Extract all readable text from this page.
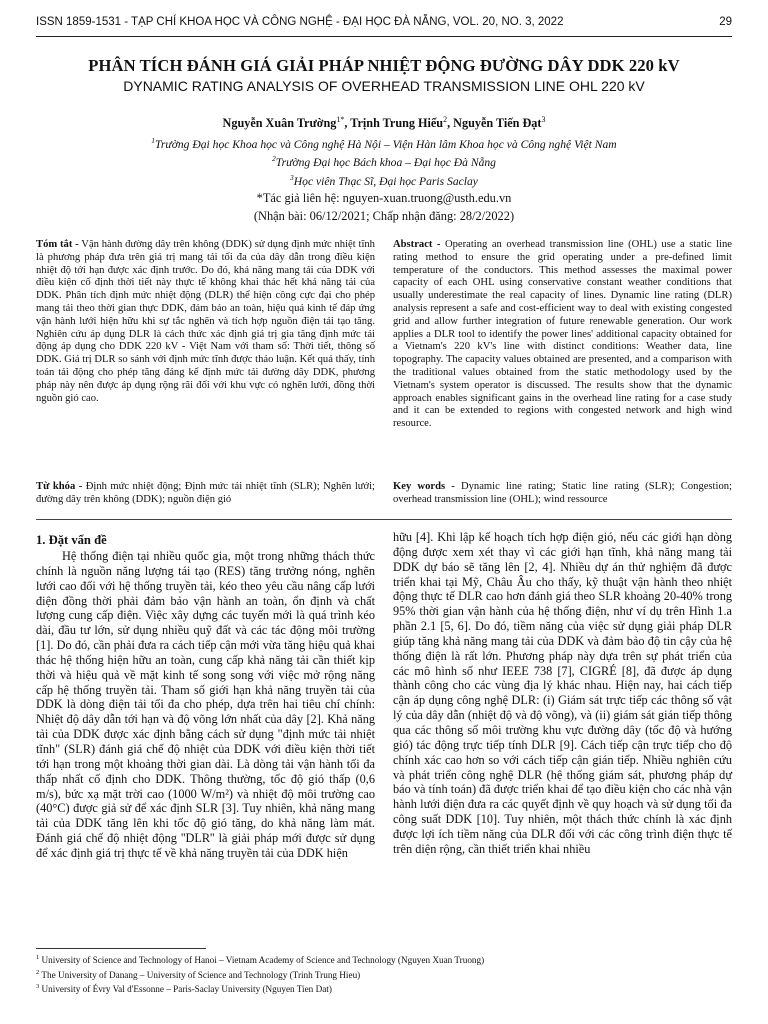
ISSN 1859-1531 - TẠP CHÍ KHOA HỌC VÀ CÔNG NGHỆ - ĐẠI HỌC ĐÀ NẴNG, VOL. 20, NO. 3, 2022	29
PHÂN TÍCH ĐÁNH GIÁ GIẢI PHÁP NHIỆT ĐỘNG ĐƯỜNG DÂY DDK 220 kV
DYNAMIC RATING ANALYSIS OF OVERHEAD TRANSMISSION LINE OHL 220 kV
Nguyễn Xuân Trường$^{1*}$, Trịnh Trung Hiếu$^2$, Nguyễn Tiến Đạt$^3$
$^1$Trường Đại học Khoa học và Công nghệ Hà Nội – Viện Hàn lâm Khoa học và Công nghệ Việt Nam
$^2$Trường Đại học Bách khoa – Đại học Đà Nẵng
$^3$Học viên Thạc Sĩ, Đại học Paris Saclay
*Tác giả liên hệ: nguyen-xuan.truong@usth.edu.vn
(Nhận bài: 06/12/2021; Chấp nhận đăng: 28/2/2022)
Tóm tắt - Vận hành đường dây trên không (DDK) sử dụng định mức nhiệt tĩnh là phương pháp đưa trên giá trị mang tải tối đa của dây dẫn trong điều kiện nhiệt độ tới hạn được xác định trước. Do đó, khả năng mang tải của DDK với điều kiện cố định thời tiết này thực tế không khai thác hết khả năng tải của DDK. Phân tích định mức nhiệt động (DLR) thể hiện công cực đại cho phép mang tải theo thời gian thực DDK, đảm bảo an toàn, hiệu quả kinh tế đáp ứng vận hành lưới hiện hữu khi sự tắc nghẽn và tích hợp nguồn điện tái tạo tăng. Nghiên cứu áp dụng DLR là cách thức xác định giá trị gia tăng định mức tải động áp dụng cho DDK 220 kV - Việt Nam với tham số: Thời tiết, thông số DDK. Giá trị DLR so sánh với định mức tĩnh được thảo luận. Kết quả thấy, tính toán tải động cho phép tăng đáng kể định mức tải đường dây DDK, phương pháp này nên được áp dụng rộng rãi đối với khu vực có nghẽn lưới, đồng thời nguồn gió cao.
Abstract - Operating an overhead transmission line (OHL) use a static line rating method to ensure the grid operating under a pre-defined limit temperature of the conductors. This method assesses the maximal power capacity of each OHL using conservative constant weather conditions that usually underestimate the real capacity of lines. Dynamic line rating (DLR) analysis represent a safe and cost-efficient way to deal with existing congested grid and allow further integration of future renewable generation. Our work applies a DLR tool to identify the power lines' additional capacity obtained for a Vietnam's 220 kV's line with distinct conditions: Weather data, line topography. The capacity values obtained are presented, and a comparison with the traditional values obtained from the static methodology used by the Vietnam's system operator is discussed. The results show that the dynamic approach enables significant gains in the overhead line rating for a case study and it can be extended to regions with congested network and high wind resource.
Từ khóa - Định mức nhiệt động; Định mức tải nhiệt tĩnh (SLR); Nghẽn lưới; đường dây trên không (DDK); nguồn điện gió
Key words - Dynamic line rating; Static line rating (SLR); Congestion; overhead transmission line (OHL); wind ressource
1. Đặt vấn đề
Hệ thống điện tại nhiều quốc gia, một trong những thách thức chính là nguồn năng lượng tái tạo (RES) tăng trưởng nóng, nghẽn lưới cao đối với hệ thống truyền tải, kéo theo yêu cầu nâng cấp lưới điện đồng thời phải đảm bảo vận hành an toàn, ổn định và chất lượng cung cấp điện. Việc xây dựng các tuyến mới là quá trình kéo dài, đầu tư lớn, sử dụng nhiều quỹ đất và các tác động môi trường [1]. Do đó, cần phải đưa ra cách tiếp cận mới vừa tăng hiệu quả khai thác hệ thống hiện hữu an toàn, cung cấp khả năng tải cần thiết kịp thời và hiệu quả về mặt kinh tế song song với việc mở rộng năng cấp hệ thống truyền tải. Tham số giới hạn khả năng truyền tải của DDK là dòng điện tải tối đa cho phép, dựa trên hai tiêu chí chính: Nhiệt độ dây dẫn tới hạn và độ võng lớn nhất của dây [2]. Khả năng tải của DDK được xác định bằng cách sử dụng "định mức tải nhiệt tĩnh" (SLR) đánh giá chế độ nhiệt của DDK với điều kiện thời tiết tới hạn trong một khoảng thời gian dài. Là dòng tải vận hành tối đa thấp nhất cố định cho DDK. Thông thường, tốc độ gió thấp (0,6 m/s), bức xạ mặt trời cao (1000 W/m²) và nhiệt độ môi trường cao (40°C) được giả sử để xác định SLR [3]. Tuy nhiên, khả năng mang tải của DDK tăng lên khi tốc độ gió tăng, do khả năng làm mát. Đánh giá chế độ nhiệt động ''DLR'' là giải pháp mới được sử dụng để xác định giá trị thực tế về khả năng truyền tải của DDK hiện
hữu [4]. Khi lập kế hoạch tích hợp điện gió, nếu các giới hạn dòng động được xem xét thay vì các giới hạn tĩnh, khả năng mang tải DDK dự báo sẽ tăng lên [2, 4]. Nhiều dự án thử nghiệm đã được triển khai tại Mỹ, Châu Âu cho thấy, kỹ thuật vận hành theo nhiệt động thực tế DLR cao hơn đánh giá theo SLR khoảng 20-40% trong 95% thời gian vận hành của hệ thống điện, như ví dụ trên Hình 1.a phần 2.1 [5, 6]. Do đó, tiềm năng của việc sử dụng giải pháp DLR giúp tăng khả năng mang tải của DDK và đảm bảo độ tin cậy của hệ thống điện là rất lớn. Phương pháp này dựa trên sự phát triển của các mô hình số như IEEE 738 [7], CIGRÉ [8], đã được áp dụng thành công cho các vùng địa lý khác nhau. Hiện nay, hai cách tiếp cận áp dụng công nghệ DLR: (i) Giám sát trực tiếp các thông số vật lý của dây dẫn (nhiệt độ và độ võng), và (ii) giám sát gián tiếp thông qua các thông số môi trường khu vực đường dây (tốc độ và hướng gió) tác động trực tiếp tính DLR [9]. Cách tiếp cận trực tiếp cho độ chính xác cao hơn so với cách tiếp cận gián tiếp. Nhiều nghiên cứu và phát triển công nghệ DLR (hệ thống giám sát, phương pháp dự báo và tính toán) đã được triển khai để tạo điều kiện cho các nhà vận hành lưới điện đưa ra các quyết định về quy hoạch và sử dụng tối đa công suất DDK [10]. Tuy nhiên, một thách thức chính là xác định được lợi ích tiềm năng của DLR đối với các công trình điện thực tế trên diện rộng, cần thiết triển khai nhiều
$^1$ University of Science and Technology of Hanoi – Vietnam Academy of Science and Technology (Nguyen Xuan Truong)
$^2$ The University of Danang – University of Science and Technology (Trinh Trung Hieu)
$^3$ University of Évry Val d'Essonne – Paris-Saclay University (Nguyen Tien Dat)
